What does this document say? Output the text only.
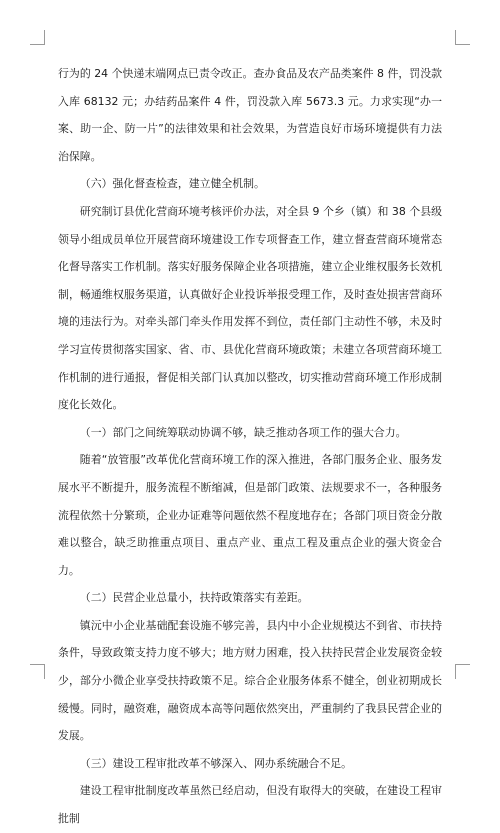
行为的 24 个快递末端网点已责令改正。查办食品及农产品类案件 8 件，罚没款入库 68132 元；办结药品案件 4 件，罚没款入库 5673.3 元。力求实现“办一案、助一企、防一片”的法律效果和社会效果，为营造良好市场环境提供有力法治保障。

（六）强化督查检查，建立健全机制。

研究制订县优化营商环境考核评价办法，对全县 9 个乡（镇）和 38 个县级领导小组成员单位开展营商环境建设工作专项督查工作，建立督查营商环境常态化督导落实工作机制。落实好服务保障企业各项措施，建立企业维权服务长效机制，畅通维权服务渠道，认真做好企业投诉举报受理工作，及时查处损害营商环境的违法行为。对牵头部门牵头作用发挥不到位，责任部门主动性不够，未及时学习宣传贯彻落实国家、省、市、县优化营商环境政策；未建立各项营商环境工作机制的进行通报，督促相关部门认真加以整改，切实推动营商环境工作形成制度化长效化。

（一）部门之间统筹联动协调不够，缺乏推动各项工作的强大合力。

随着“放管服”改革优化营商环境工作的深入推进，各部门服务企业、服务发展水平不断提升，服务流程不断缩减，但是部门政策、法规要求不一，各种服务流程依然十分繁琐，企业办证难等问题依然不程度地存在；各部门项目资金分散难以整合，缺乏助推重点项目、重点产业、重点工程及重点企业的强大资金合力。

（二）民营企业总量小，扶持政策落实有差距。

镇沅中小企业基础配套设施不够完善，县内中小企业规模达不到省、市扶持条件，导致政策支持力度不够大；地方财力困难，投入扶持民营企业发展资金较少，部分小微企业享受扶持政策不足。综合企业服务体系不健全，创业初期成长缓慢。同时，融资难，融资成本高等问题依然突出，严重制约了我县民营企业的发展。

（三）建设工程审批改革不够深入、网办系统融合不足。

建设工程审批制度改革虽然已经启动，但没有取得大的突破，在建设工程审批制
